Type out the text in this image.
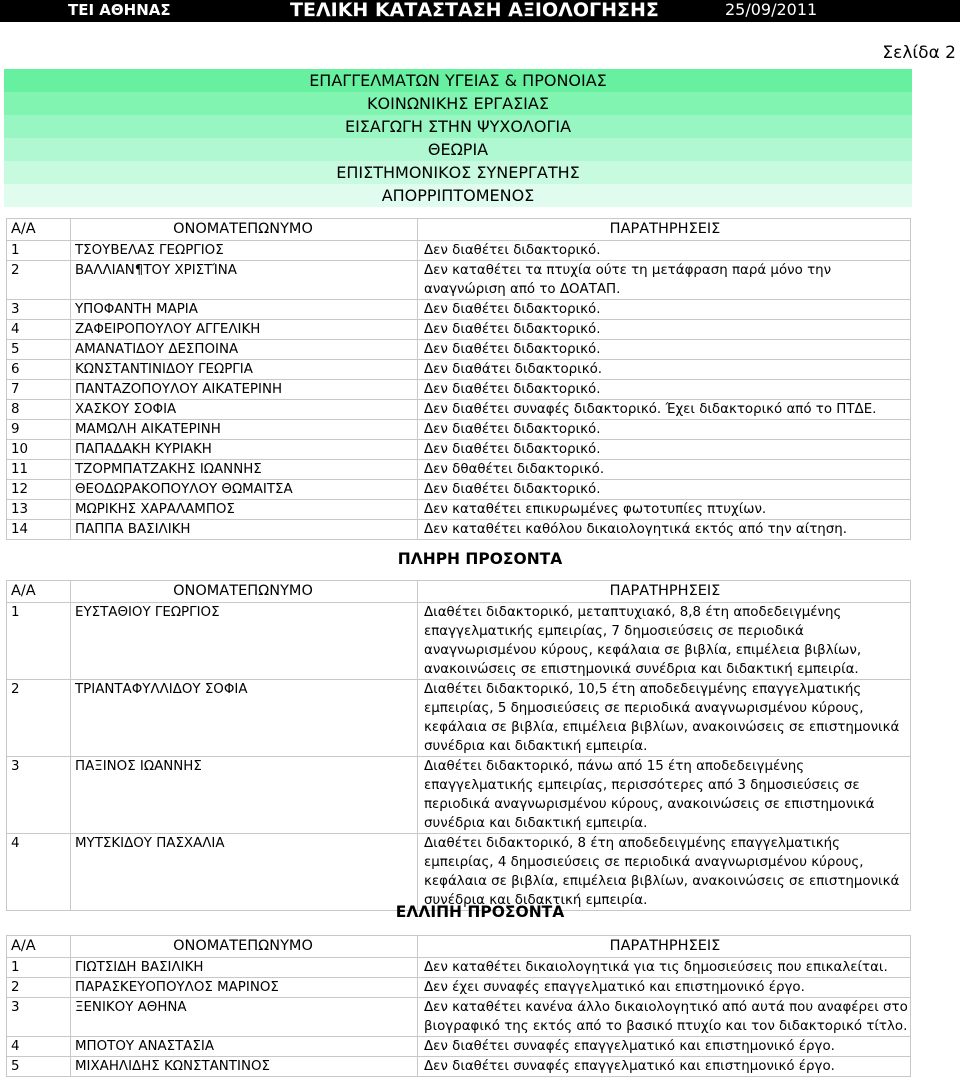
ΤΕΙ ΑΘΗΝΑΣ	ΤΕΛΙΚΗ ΚΑΤΑΣΤΑΣΗ ΑΞΙΟΛΟΓΗΣΗΣ	25/09/2011
Σελίδα 2
ΕΠΑΓΓΕΛΜΑΤΩΝ ΥΓΕΙΑΣ & ΠΡΟΝΟΙΑΣ
ΚΟΙΝΩΝΙΚΗΣ ΕΡΓΑΣΙΑΣ
ΕΙΣΑΓΩΓΗ ΣΤΗΝ ΨΥΧΟΛΟΓΙΑ
ΘΕΩΡΙΑ
ΕΠΙΣΤΗΜΟΝΙΚΟΣ ΣΥΝΕΡΓΑΤΗΣ
ΑΠΟΡΡΙΠΤΟΜΕΝΟΣ
Α/Α	ΟΝΟΜΑΤΕΠΩΝΥΜΟ	ΠΑΡΑΤΗΡΗΣΕΙΣ
1	ΤΣΟΥΒΕΛΑΣ ΓΕΩΡΓΙΟΣ	Δεν διαθέτει διδακτορικό.
2	ΒΑΛΛΙΑΝ¶ΤΟΥ ΧΡΙΣΤΊΝΑ	Δεν καταθέτει τα πτυχία ούτε τη μετάφραση παρά μόνο την αναγνώριση από το ΔΟΑΤΑΠ.
3	ΥΠΟΦΑΝΤΗ ΜΑΡΙΑ	Δεν διαθέτει διδακτορικό.
4	ΖΑΦΕΙΡΟΠΟΥΛΟΥ ΑΓΓΕΛΙΚΗ	Δεν διαθέτει διδακτορικό.
5	ΑΜΑΝΑΤΙΔΟΥ ΔΕΣΠΟΙΝΑ	Δεν διαθέτει διδακτορικό.
6	ΚΩΝΣΤΑΝΤΙΝΙΔΟΥ ΓΕΩΡΓΙΑ	Δεν διαθάτει διδακτορικό.
7	ΠΑΝΤΑΖΟΠΟΥΛΟΥ ΑΙΚΑΤΕΡΙΝΗ	Δεν διαθέτει διδακτορικό.
8	ΧΑΣΚΟΥ ΣΟΦΙΑ	Δεν διαθέτει συναφές διδακτορικό. Έχει διδακτορικό από το ΠΤΔΕ.
9	ΜΑΜΩΛΗ ΑΙΚΑΤΕΡΙΝΗ	Δεν διαθέτει διδακτορικό.
10	ΠΑΠΑΔΑΚΗ ΚΥΡΙΑΚΗ	Δεν διαθέτει διδακτορικό.
11	ΤΖΟΡΜΠΑΤΖΑΚΗΣ ΙΩΑΝΝΗΣ	Δεν δθαθέτει διδακτορικό.
12	ΘΕΟΔΩΡΑΚΟΠΟΥΛΟΥ ΘΩΜΑΙΤΣΑ	Δεν διαθέτει διδακτορικό.
13	ΜΩΡΙΚΗΣ ΧΑΡΑΛΑΜΠΟΣ	Δεν καταθέτει επικυρωμένες φωτοτυπίες πτυχίων.
14	ΠΑΠΠΑ ΒΑΣΙΛΙΚΗ	Δεν καταθέτει καθόλου δικαιολογητικά εκτός από την αίτηση.
ΠΛΗΡΗ ΠΡΟΣΟΝΤΑ
Α/Α	ΟΝΟΜΑΤΕΠΩΝΥΜΟ	ΠΑΡΑΤΗΡΗΣΕΙΣ
1	ΕΥΣΤΑΘΙΟΥ ΓΕΩΡΓΙΟΣ	Διαθέτει διδακτορικό, μεταπτυχιακό, 8,8 έτη αποδεδειγμένης επαγγελματικής εμπειρίας, 7 δημοσιεύσεις σε περιοδικά αναγνωρισμένου κύρους, κεφάλαια σε βιβλία, επιμέλεια βιβλίων, ανακοινώσεις σε επιστημονικά συνέδρια και διδακτική εμπειρία.
2	ΤΡΙΑΝΤΑΦΥΛΛΙΔΟΥ ΣΟΦΙΑ	Διαθέτει διδακτορικό, 10,5 έτη αποδεδειγμένης επαγγελματικής εμπειρίας, 5 δημοσιεύσεις σε περιοδικά αναγνωρισμένου κύρους, κεφάλαια σε βιβλία, επιμέλεια βιβλίων, ανακοινώσεις σε επιστημονικά συνέδρια και διδακτική εμπειρία.
3	ΠΑΞΙΝΟΣ ΙΩΑΝΝΗΣ	Διαθέτει διδακτορικό, πάνω από 15 έτη αποδεδειγμένης επαγγελματικής εμπειρίας, περισσότερες από 3 δημοσιεύσεις σε περιοδικά αναγνωρισμένου κύρους, ανακοινώσεις σε επιστημονικά συνέδρια και διδακτική εμπειρία.
4	ΜΥΤΣΚΙΔΟΥ ΠΑΣΧΑΛΙΑ	Διαθέτει διδακτορικό, 8 έτη αποδεδειγμένης επαγγελματικής εμπειρίας, 4 δημοσιεύσεις σε περιοδικά αναγνωρισμένου κύρους, κεφάλαια σε βιβλία, επιμέλεια βιβλίων, ανακοινώσεις σε επιστημονικά συνέδρια και διδακτική εμπειρία.
ΕΛΛΙΠΗ ΠΡΟΣΟΝΤΑ
Α/Α	ΟΝΟΜΑΤΕΠΩΝΥΜΟ	ΠΑΡΑΤΗΡΗΣΕΙΣ
1	ΓΙΩΤΣΙΔΗ ΒΑΣΙΛΙΚΗ	Δεν καταθέτει δικαιολογητικά για τις δημοσιεύσεις που επικαλείται.
2	ΠΑΡΑΣΚΕΥΟΠΟΥΛΟΣ ΜΑΡΙΝΟΣ	Δεν έχει συναφές επαγγελματικό και επιστημονικό έργο.
3	ΞΕΝΙΚΟΥ ΑΘΗΝΑ	Δεν καταθέτει κανένα άλλο δικαιολογητικό από αυτά που αναφέρει στο βιογραφικό της εκτός από το βασικό πτυχίο και τον διδακτορικό τίτλο.
4	ΜΠΟΤΟΥ ΑΝΑΣΤΑΣΙΑ	Δεν διαθέτει συναφές επαγγελματικό και επιστημονικό έργο.
5	ΜΙΧΑΗΛΙΔΗΣ ΚΩΝΣΤΑΝΤΙΝΟΣ	Δεν διαθέτει συναφές επαγγελματικό και επιστημονικό έργο.
